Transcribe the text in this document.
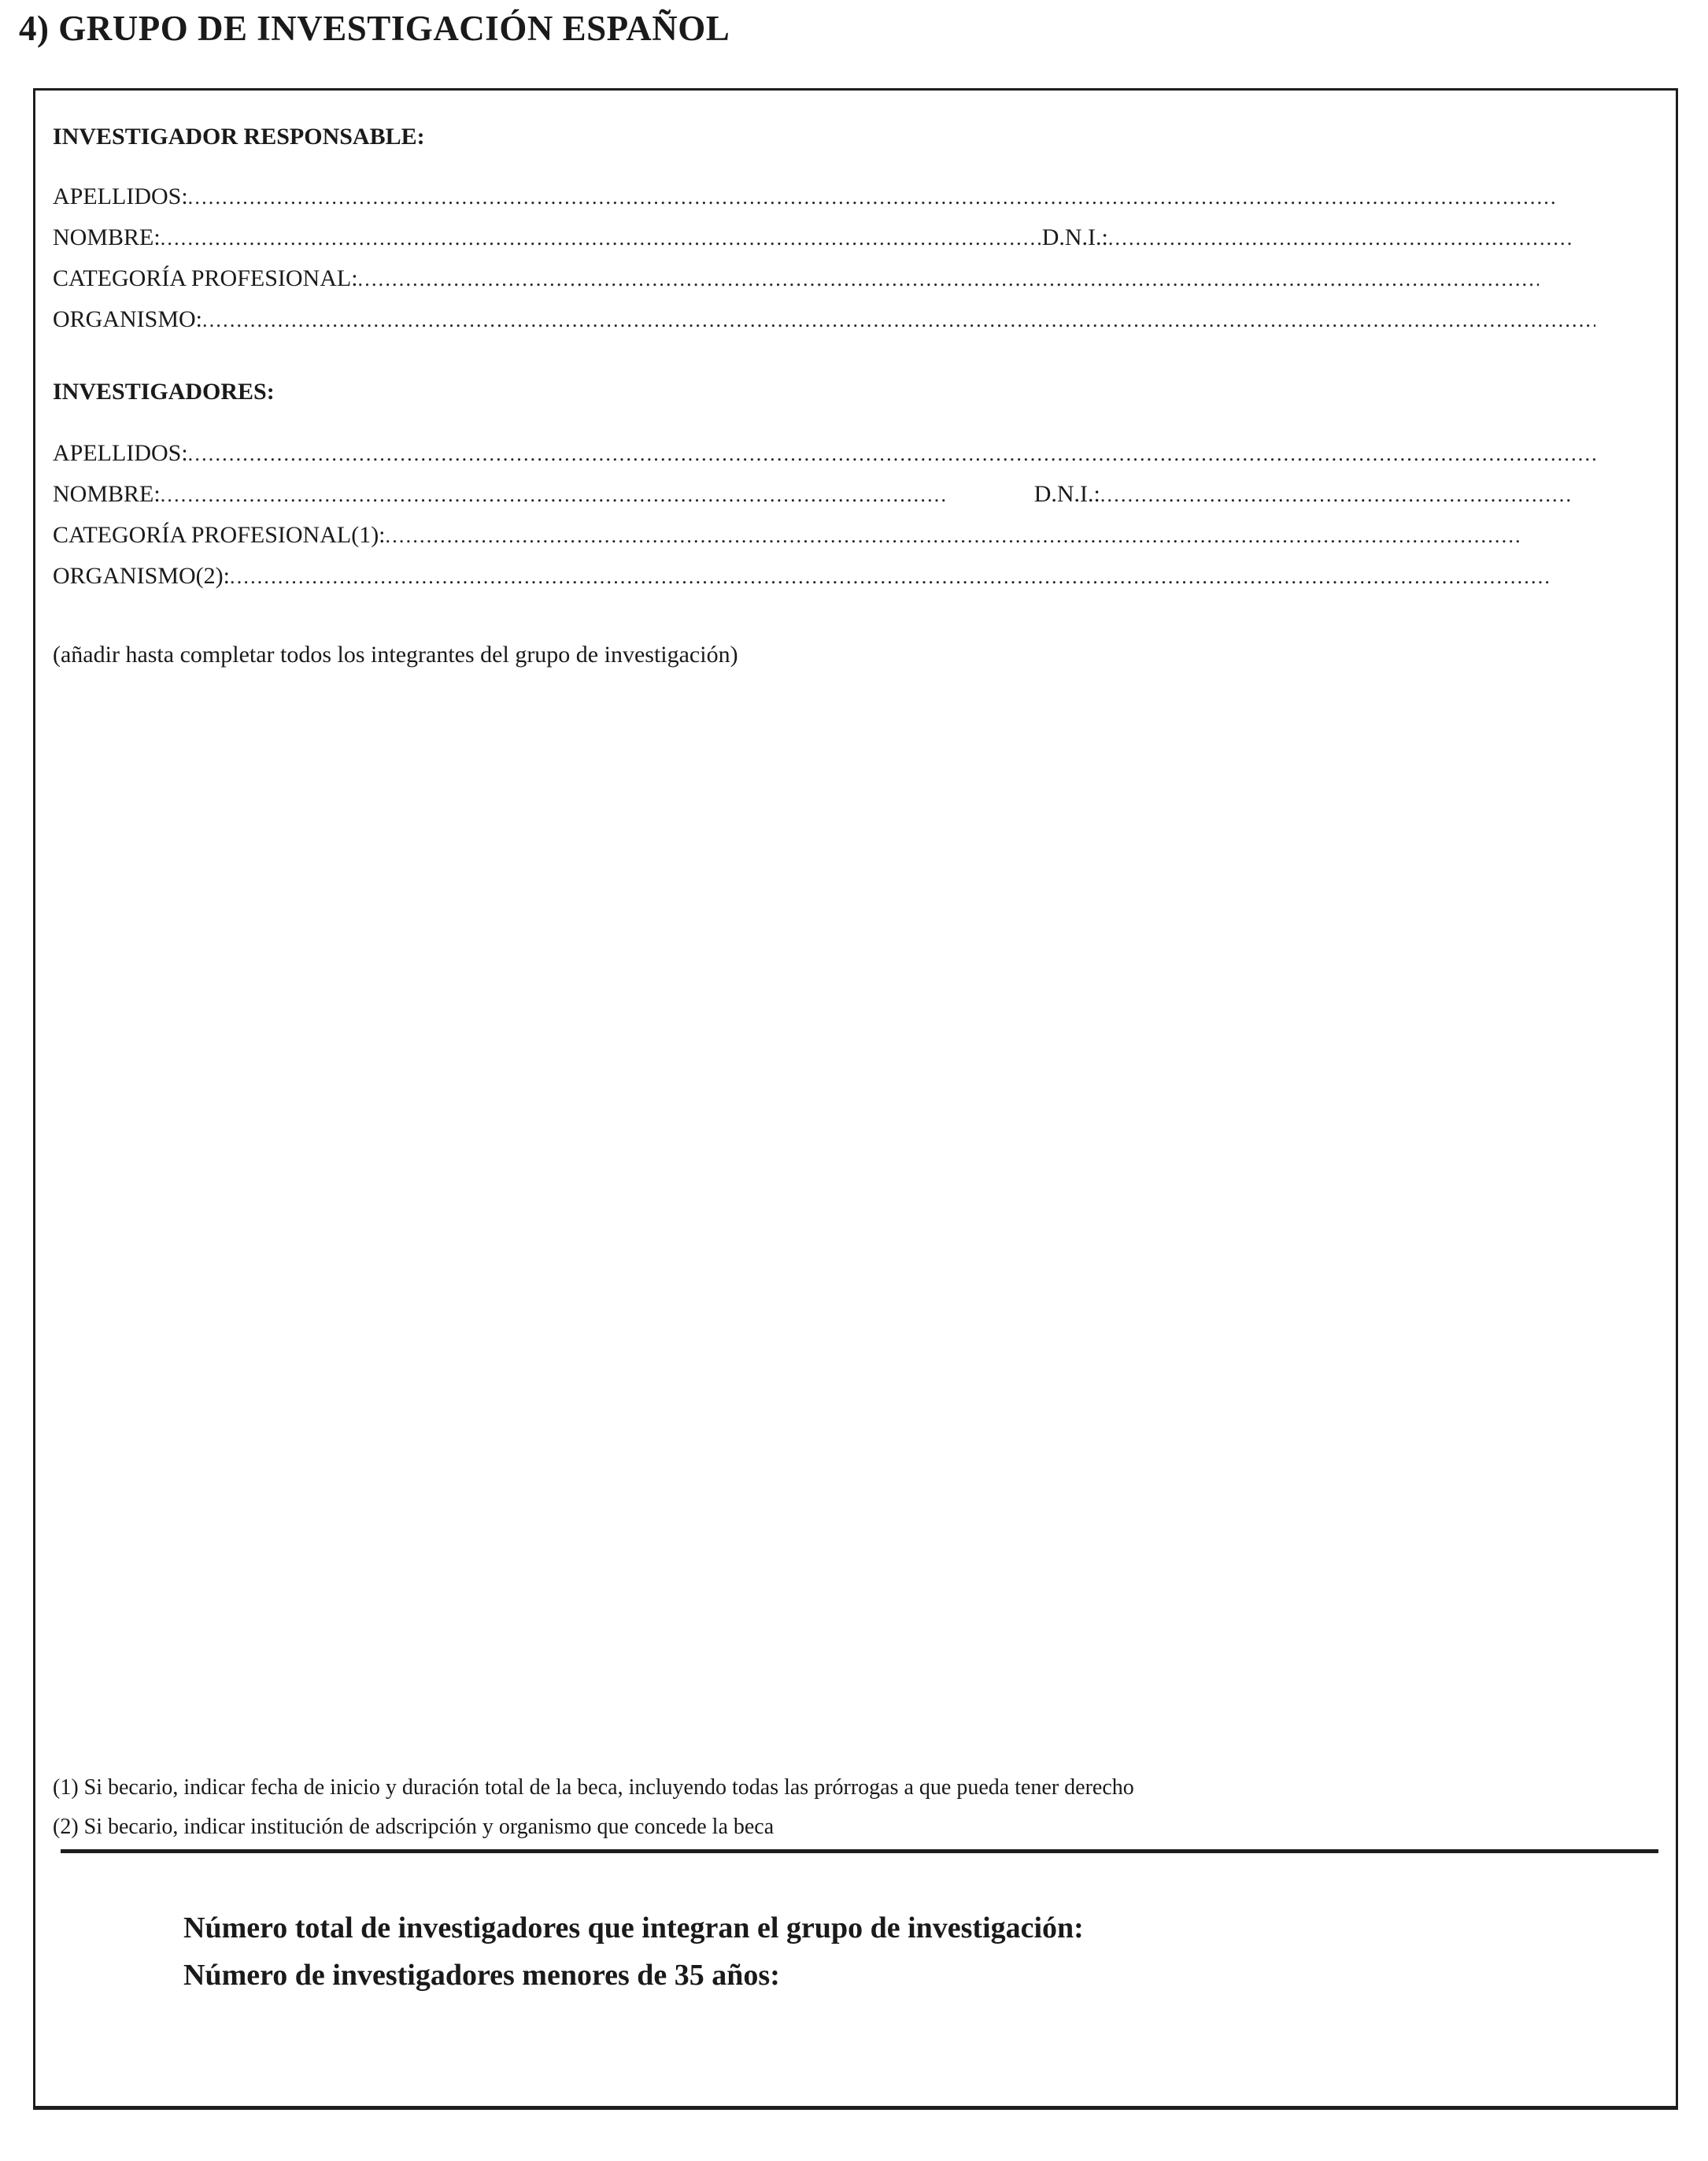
4) GRUPO DE INVESTIGACIÓN ESPAÑOL
INVESTIGADOR RESPONSABLE:
APELLIDOS:
.....
NOMBRE: .....	D.N.I.:
.....
CATEGORÍA PROFESIONAL:
.....
ORGANISMO:
.....
INVESTIGADORES:
APELLIDOS:
.....
NOMBRE: .....	D.N.I.:
.....
CATEGORÍA PROFESIONAL(1):
.....
ORGANISMO(2):
.....
(añadir hasta completar todos los integrantes del grupo de investigación)
(1) Si becario, indicar fecha de inicio y duración total de la beca, incluyendo todas las prórrogas a que pueda tener derecho
(2) Si becario, indicar institución de adscripción y organismo que concede la beca
Número total de investigadores que integran el grupo de investigación:
Número de investigadores menores de 35 años:
